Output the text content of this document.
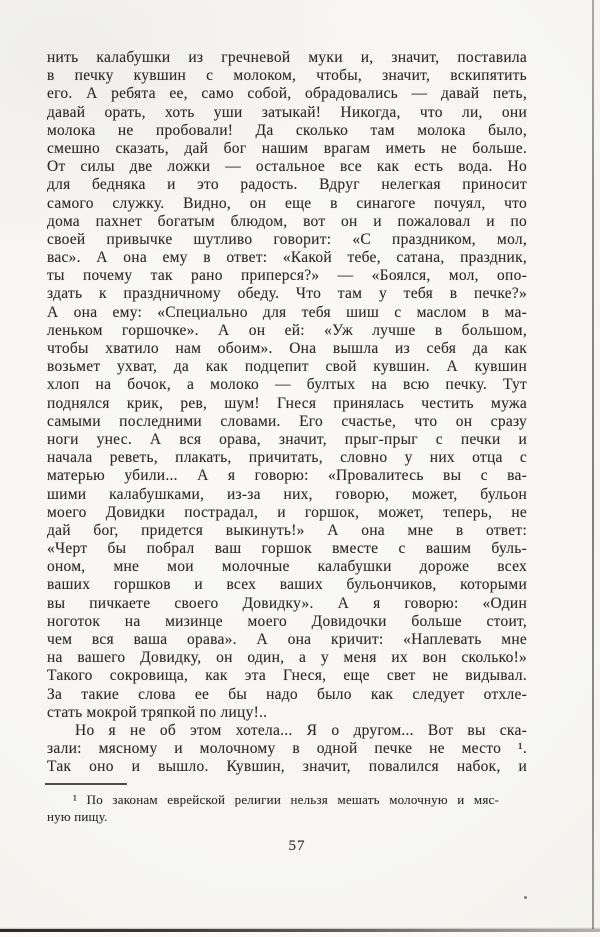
нить калабушки из гречневой муки и, значит, поставила
в печку кувшин с молоком, чтобы, значит, вскипятить
его. А ребята ее, само собой, обрадовались — давай петь,
давай орать, хоть уши затыкай! Никогда, что ли, они
молока не пробовали! Да сколько там молока было,
смешно сказать, дай бог нашим врагам иметь не больше.
От силы две ложки — остальное все как есть вода. Но
для бедняка и это радость. Вдруг нелегкая приносит
самого служку. Видно, он еще в синагоге почуял, что
дома пахнет богатым блюдом, вот он и пожаловал и по
своей привычке шутливо говорит: «С праздником, мол,
вас». А она ему в ответ: «Какой тебе, сатана, праздник,
ты почему так рано приперся?» — «Боялся, мол, опо-
здать к праздничному обеду. Что там у тебя в печке?»
А она ему: «Специально для тебя шиш с маслом в ма-
леньком горшочке». А он ей: «Уж лучше в большом,
чтобы хватило нам обоим». Она вышла из себя да как
возьмет ухват, да как подцепит свой кувшин. А кувшин
хлоп на бочок, а молоко — бултых на всю печку. Тут
поднялся крик, рев, шум! Гнеся принялась честить мужа
самыми последними словами. Его счастье, что он сразу
ноги унес. А вся орава, значит, прыг-прыг с печки и
начала реветь, плакать, причитать, словно у них отца с
матерью убили... А я говорю: «Провалитесь вы с ва-
шими калабушками, из-за них, говорю, может, бульон
моего Довидки пострадал, и горшок, может, теперь, не
дай бог, придется выкинуть!» А она мне в ответ:
«Черт бы побрал ваш горшок вместе с вашим буль-
оном, мне мои молочные калабушки дороже всех
ваших горшков и всех ваших бульончиков, которыми
вы пичкаете своего Довидку». А я говорю: «Один
ноготок на мизинце моего Довидочки больше стоит,
чем вся ваша орава». А она кричит: «Наплевать мне
на вашего Довидку, он один, а у меня их вон сколько!»
Такого сокровища, как эта Гнеся, еще свет не видывал.
За такие слова ее бы надо было как следует отхле-
стать мокрой тряпкой по лицу!..
Но я не об этом хотела... Я о другом... Вот вы ска-
зали: мясному и молочному в одной печке не место ¹.
Так оно и вышло. Кувшин, значит, повалился набок, и
¹ По законам еврейской религии нельзя мешать молочную и мяс-
ную пищу.
57
